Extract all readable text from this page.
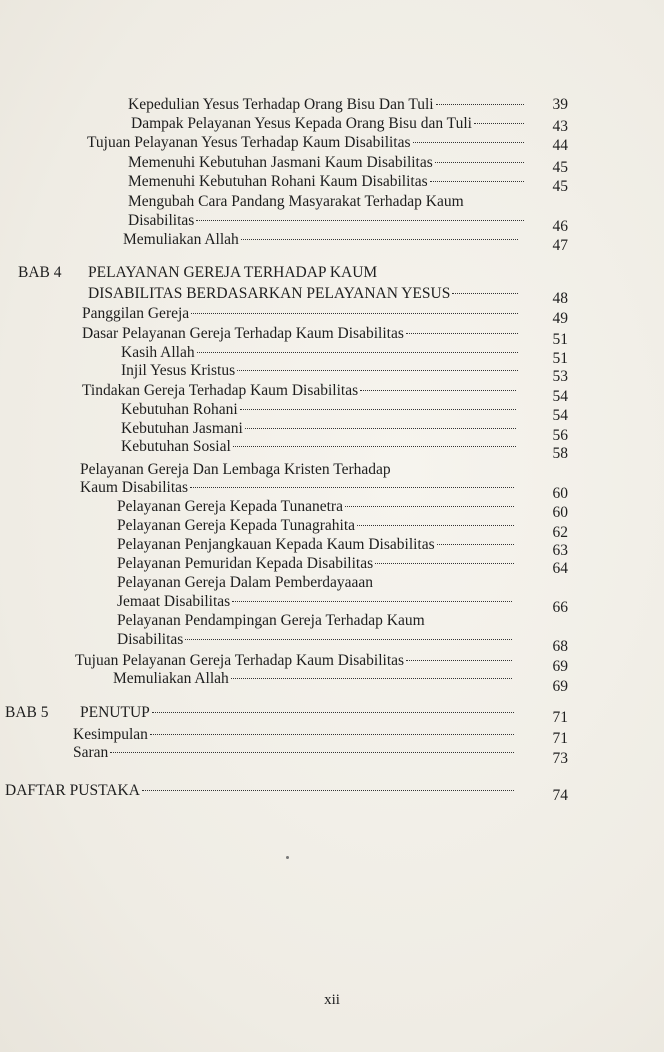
Kepedulian Yesus Terhadap Orang Bisu Dan Tuli	39
Dampak Pelayanan Yesus Kepada Orang Bisu dan Tuli	43
Tujuan Pelayanan Yesus Terhadap Kaum Disabilitas	44
Memenuhi Kebutuhan Jasmani Kaum Disabilitas	45
Memenuhi Kebutuhan Rohani Kaum Disabilitas	45
Mengubah Cara Pandang Masyarakat Terhadap Kaum
Disabilitas	46
Memuliakan Allah	47
BAB 4 PELAYANAN GEREJA TERHADAP KAUM
DISABILITAS BERDASARKAN PELAYANAN YESUS	48
Panggilan Gereja	49
Dasar Pelayanan Gereja Terhadap Kaum Disabilitas	51
Kasih Allah	51
Injil Yesus Kristus	53
Tindakan Gereja Terhadap Kaum Disabilitas	54
Kebutuhan Rohani	54
Kebutuhan Jasmani	56
Kebutuhan Sosial	58
Pelayanan Gereja Dan Lembaga Kristen Terhadap
Kaum Disabilitas	60
Pelayanan Gereja Kepada Tunanetra	60
Pelayanan Gereja Kepada Tunagrahita	62
Pelayanan Penjangkauan Kepada Kaum Disabilitas	63
Pelayanan Pemuridan Kepada Disabilitas	64
Pelayanan Gereja Dalam Pemberdayaaan
Jemaat Disabilitas	66
Pelayanan Pendampingan Gereja Terhadap Kaum
Disabilitas	68
Tujuan Pelayanan Gereja Terhadap Kaum Disabilitas	69
Memuliakan Allah	69
BAB 5 PENUTUP	71
Kesimpulan	71
Saran	73
DAFTAR PUSTAKA	74
xii
